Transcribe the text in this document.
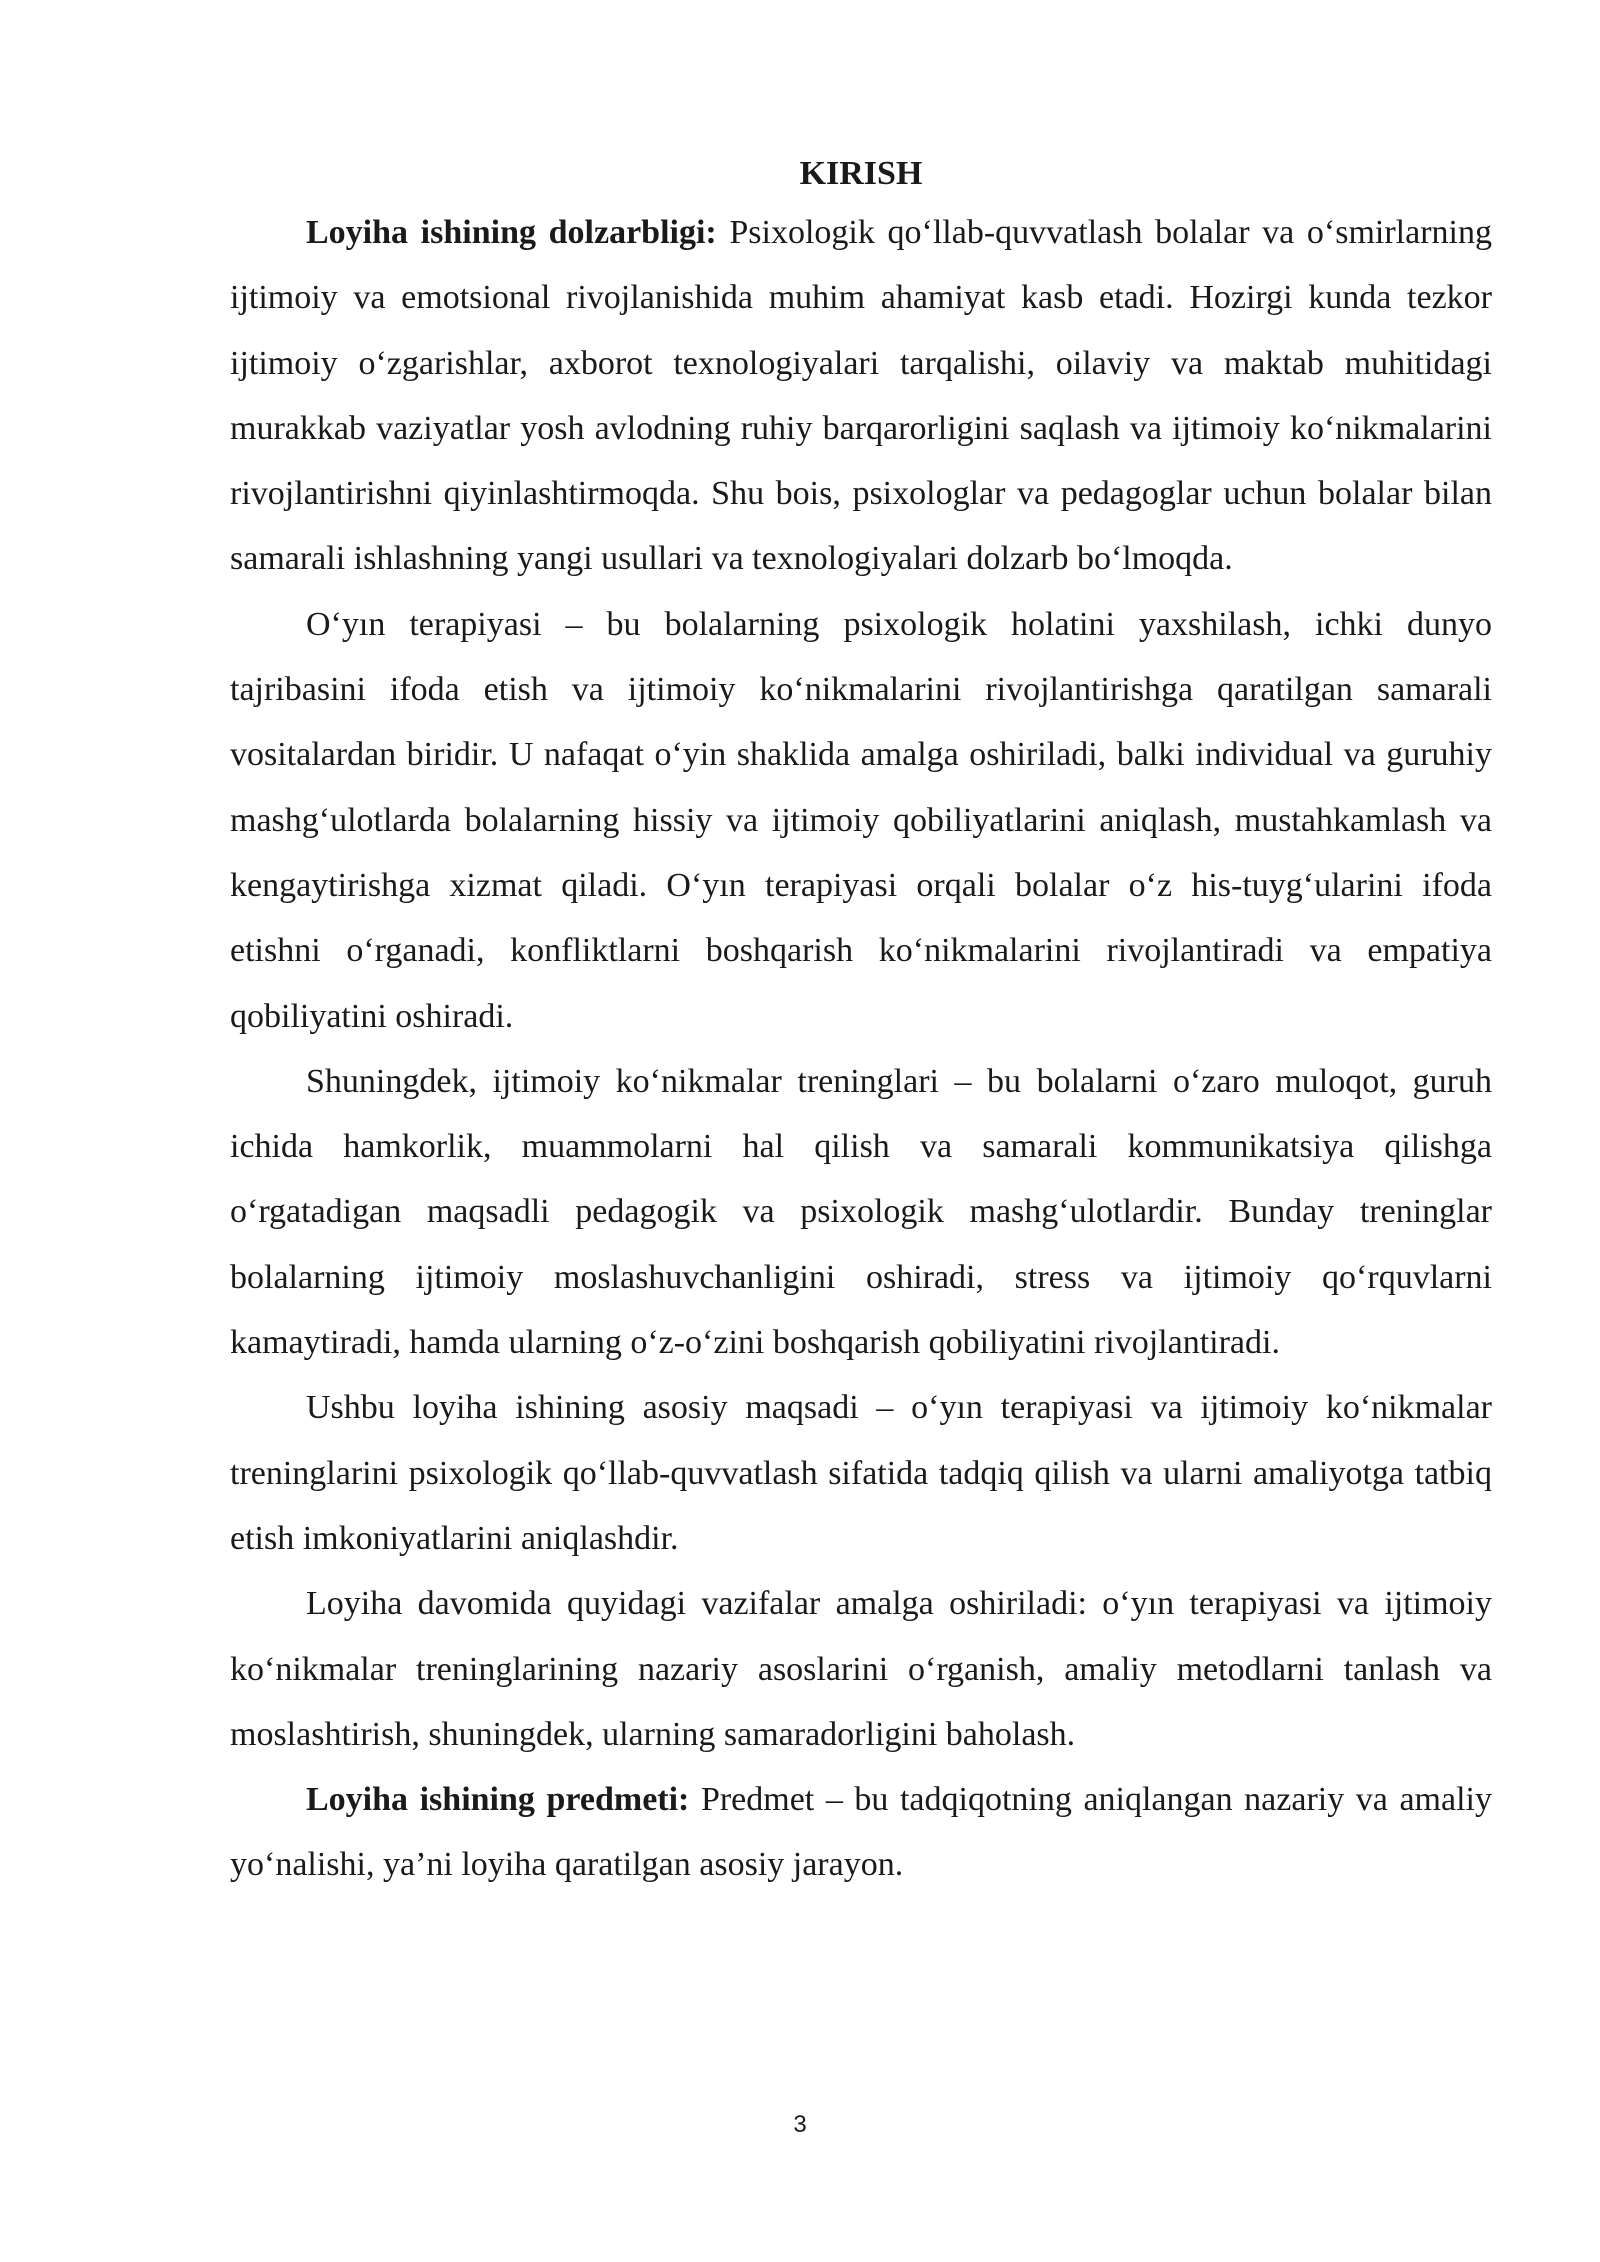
KIRISH

Loyiha ishining dolzarbligi: Psixologik qo‘llab-quvvatlash bolalar va o‘smirlarning ijtimoiy va emotsional rivojlanishida muhim ahamiyat kasb etadi. Hozirgi kunda tezkor ijtimoiy o‘zgarishlar, axborot texnologiyalari tarqalishi, oilaviy va maktab muhitidagi murakkab vaziyatlar yosh avlodning ruhiy barqarorligini saqlash va ijtimoiy ko‘nikmalarini rivojlantirishni qiyinlashtirmoqda. Shu bois, psixologlar va pedagoglar uchun bolalar bilan samarali ishlashning yangi usullari va texnologiyalari dolzarb bo‘lmoqda.

O‘yın terapiyasi – bu bolalarning psixologik holatini yaxshilash, ichki dunyo tajribasini ifoda etish va ijtimoiy ko‘nikmalarini rivojlantirishga qaratilgan samarali vositalardan biridir. U nafaqat o‘yin shaklida amalga oshiriladi, balki individual va guruhiy mashg‘ulotlarda bolalarning hissiy va ijtimoiy qobiliyatlarini aniqlash, mustahkamlash va kengaytirishga xizmat qiladi. O‘yın terapiyasi orqali bolalar o‘z his-tuyg‘ularini ifoda etishni o‘rganadi, konfliktlarni boshqarish ko‘nikmalarini rivojlantiradi va empatiya qobiliyatini oshiradi.

Shuningdek, ijtimoiy ko‘nikmalar treninglari – bu bolalarni o‘zaro muloqot, guruh ichida hamkorlik, muammolarni hal qilish va samarali kommunikatsiya qilishga o‘rgatadigan maqsadli pedagogik va psixologik mashg‘ulotlardir. Bunday treninglar bolalarning ijtimoiy moslashuvchanligini oshiradi, stress va ijtimoiy qo‘rquvlarni kamaytiradi, hamda ularning o‘z-o‘zini boshqarish qobiliyatini rivojlantiradi.

Ushbu loyiha ishining asosiy maqsadi – o‘yın terapiyasi va ijtimoiy ko‘nikmalar treninglarini psixologik qo‘llab-quvvatlash sifatida tadqiq qilish va ularni amaliyotga tatbiq etish imkoniyatlarini aniqlashdir.

Loyiha davomida quyidagi vazifalar amalga oshiriladi: o‘yın terapiyasi va ijtimoiy ko‘nikmalar treninglarining nazariy asoslarini o‘rganish, amaliy metodlarni tanlash va moslashtirish, shuningdek, ularning samaradorligini baholash.

Loyiha ishining predmeti: Predmet – bu tadqiqotning aniqlangan nazariy va amaliy yo‘nalishi, ya’ni loyiha qaratilgan asosiy jarayon.

3
